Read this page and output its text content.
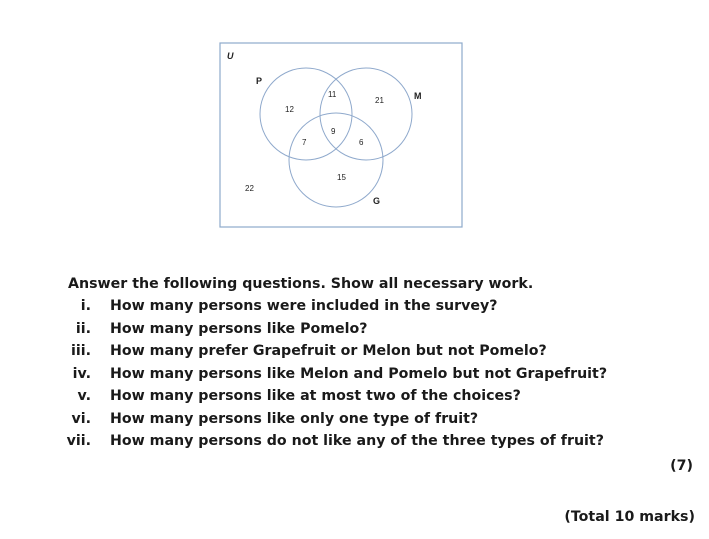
U
P
M
G
12
11
21
9
7	6
15
22
Answer the following questions. Show all necessary work.
i. How many persons were included in the survey?
ii. How many persons like Pomelo?
iii. How many prefer Grapefruit or Melon but not Pomelo?
iv. How many persons like Melon and Pomelo but not Grapefruit?
v. How many persons like at most two of the choices?
vi. How many persons like only one type of fruit?
vii. How many persons do not like any of the three types of fruit?
(7)
(Total 10 marks)
